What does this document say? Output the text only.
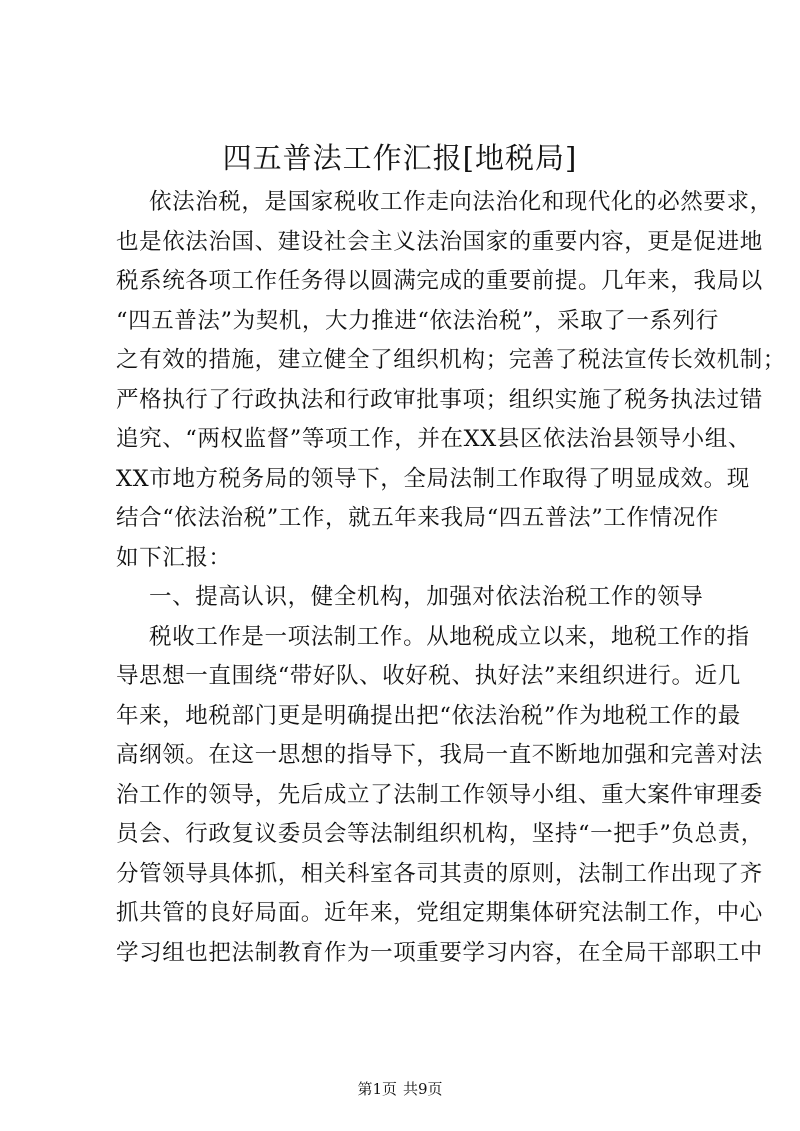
四五普法工作汇报[地税局]
依法治税，是国家税收工作走向法治化和现代化的必然要求，
也是依法治国、建设社会主义法治国家的重要内容，更是促进地
税系统各项工作任务得以圆满完成的重要前提。几年来，我局以
“四五普法”为契机，大力推进“依法治税”，采取了一系列行
之有效的措施，建立健全了组织机构；完善了税法宣传长效机制；
严格执行了行政执法和行政审批事项；组织实施了税务执法过错
追究、“两权监督”等项工作，并在XX县区依法治县领导小组、
XX市地方税务局的领导下，全局法制工作取得了明显成效。现
结合“依法治税”工作，就五年来我局“四五普法”工作情况作
如下汇报：
一、提高认识，健全机构，加强对依法治税工作的领导
税收工作是一项法制工作。从地税成立以来，地税工作的指
导思想一直围绕“带好队、收好税、执好法”来组织进行。近几
年来，地税部门更是明确提出把“依法治税”作为地税工作的最
高纲领。在这一思想的指导下，我局一直不断地加强和完善对法
治工作的领导，先后成立了法制工作领导小组、重大案件审理委
员会、行政复议委员会等法制组织机构，坚持“一把手”负总责，
分管领导具体抓，相关科室各司其责的原则，法制工作出现了齐
抓共管的良好局面。近年来，党组定期集体研究法制工作，中心
学习组也把法制教育作为一项重要学习内容，在全局干部职工中
第1页 共9页
